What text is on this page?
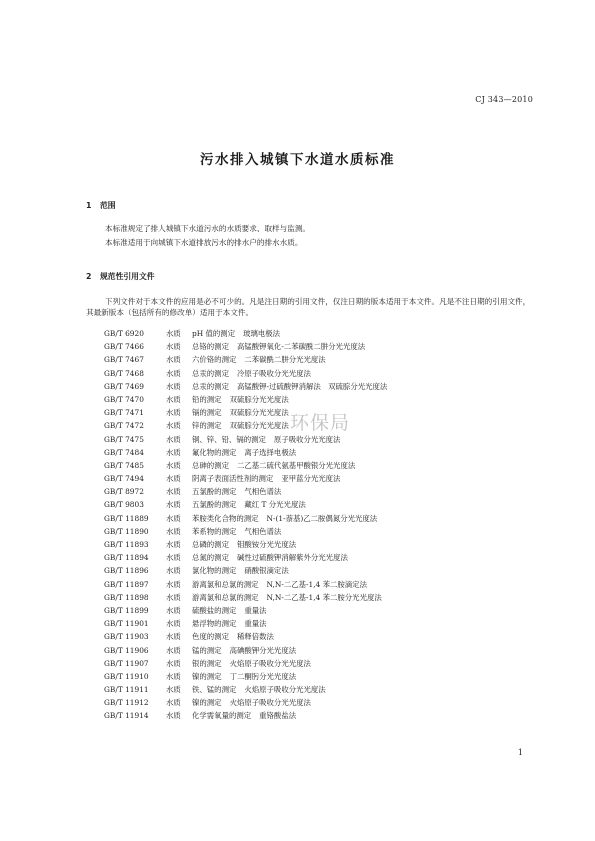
CJ 343—2010
污水排入城镇下水道水质标准
1 范围
本标准规定了排人城镇下水道污水的水质要求、取样与监测。
本标准适用于向城镇下水道排放污水的排水户的排水水质。
2 规范性引用文件
下列文件对于本文件的应用是必不可少的。凡是注日期的引用文件，仅注日期的版本适用于本文件。凡是不注日期的引用文件，其最新版本（包括所有的修改单）适用于本文件。
GB/T 6920	水质	pH 值的测定 玻璃电极法
GB/T 7466	水质	总铬的测定 高锰酸钾氧化-二苯碳酰二肼分光光度法
GB/T 7467	水质	六价铬的测定 二苯碳酰二肼分光光度法
GB/T 7468	水质	总汞的测定 冷原子吸收分光光度法
GB/T 7469	水质	总汞的测定 高锰酸钾-过硫酸钾消解法　双硫腙分光光度法
GB/T 7470	水质	铅的测定 双硫腙分光光度法
GB/T 7471	水质	镉的测定 双硫腙分光光度法
GB/T 7472	水质	锌的测定 双硫腙分光光度法
GB/T 7475	水质	铜、锌、铅、镉的测定 原子吸收分光光度法
GB/T 7484	水质	氟化物的测定 离子选择电极法
GB/T 7485	水质	总砷的测定 二乙基二硫代氨基甲酸银分光光度法
GB/T 7494	水质	阴离子表面活性剂的测定 亚甲蓝分光光度法
GB/T 8972	水质	五氯酚的测定 气相色谱法
GB/T 9803	水质	五氯酚的测定 藏红 T 分光光度法
GB/T 11889	水质	苯胺类化合物的测定 N-(1-萘基)乙二胺偶氮分光光度法
GB/T 11890	水质	苯系物的测定 气相色谱法
GB/T 11893	水质	总磷的测定 钼酸铵分光光度法
GB/T 11894	水质	总氮的测定 碱性过硫酸钾消解紫外分光光度法
GB/T 11896	水质	氯化物的测定 硝酸银滴定法
GB/T 11897	水质	游离氯和总氯的测定 N,N-二乙基-1,4 苯二胺滴定法
GB/T 11898	水质	游离氯和总氯的测定 N,N-二乙基-1,4 苯二胺分光光度法
GB/T 11899	水质	硫酸盐的测定 重量法
GB/T 11901	水质	悬浮物的测定 重量法
GB/T 11903	水质	色度的测定 稀释倍数法
GB/T 11906	水质	锰的测定 高碘酸钾分光光度法
GB/T 11907	水质	银的测定 火焰原子吸收分光光度法
GB/T 11910	水质	镍的测定 丁二酮肟分光光度法
GB/T 11911	水质	铁、锰的测定 火焰原子吸收分光光度法
GB/T 11912	水质	镍的测定 火焰原子吸收分光光度法
GB/T 11914	水质	化学需氧量的测定 重铬酸盐法
环保局
1
